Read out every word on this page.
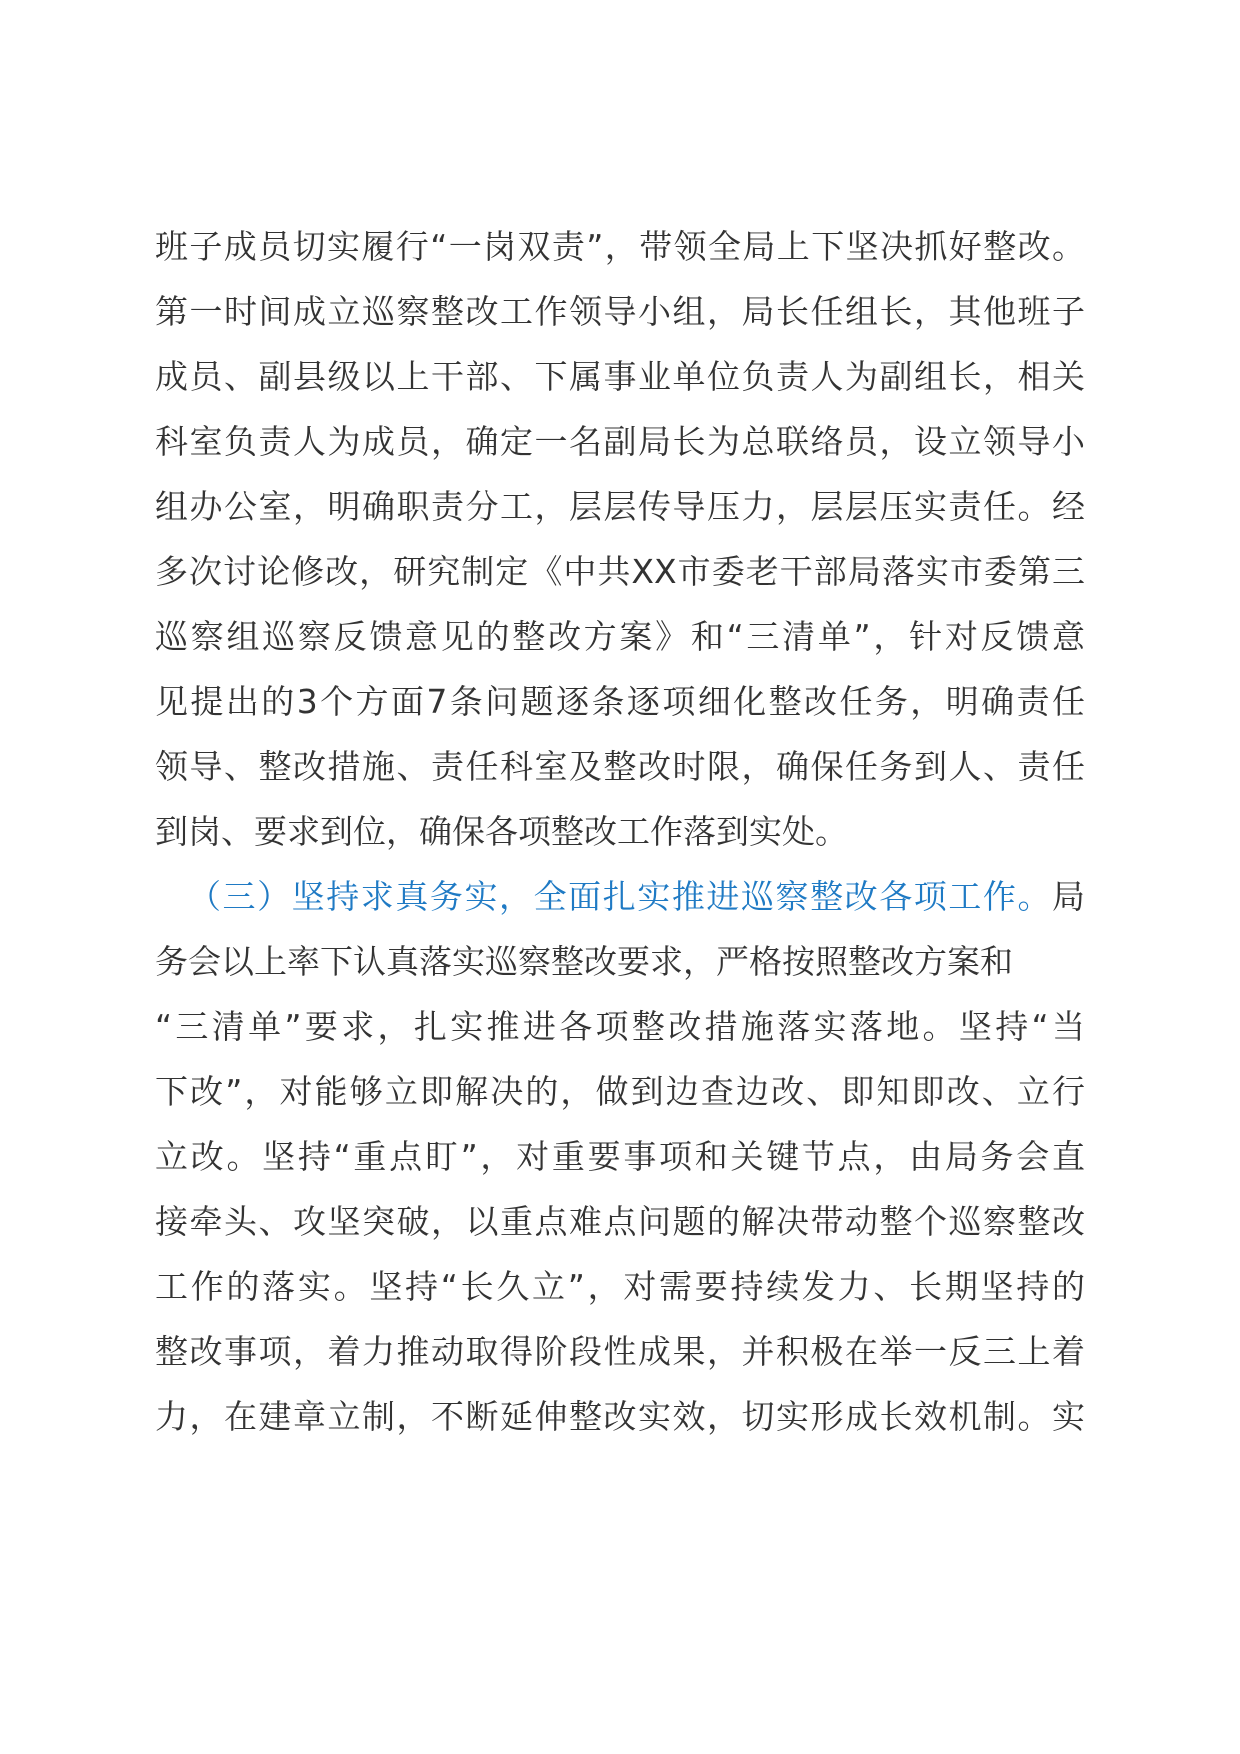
班子成员切实履行“一岗双责”，带领全局上下坚决抓好整改。
第一时间成立巡察整改工作领导小组，局长任组长，其他班子
成员、副县级以上干部、下属事业单位负责人为副组长，相关
科室负责人为成员，确定一名副局长为总联络员，设立领导小
组办公室，明确职责分工，层层传导压力，层层压实责任。经
多次讨论修改，研究制定《中共XX市委老干部局落实市委第三
巡察组巡察反馈意见的整改方案》和“三清单”，针对反馈意
见提出的3个方面7条问题逐条逐项细化整改任务，明确责任
领导、整改措施、责任科室及整改时限，确保任务到人、责任
到岗、要求到位，确保各项整改工作落到实处。
（三）坚持求真务实，全面扎实推进巡察整改各项工作。局
务会以上率下认真落实巡察整改要求，严格按照整改方案和
“三清单”要求，扎实推进各项整改措施落实落地。坚持“当
下改”，对能够立即解决的，做到边查边改、即知即改、立行
立改。坚持“重点盯”，对重要事项和关键节点，由局务会直
接牵头、攻坚突破，以重点难点问题的解决带动整个巡察整改
工作的落实。坚持“长久立”，对需要持续发力、长期坚持的
整改事项，着力推动取得阶段性成果，并积极在举一反三上着
力，在建章立制，不断延伸整改实效，切实形成长效机制。实
